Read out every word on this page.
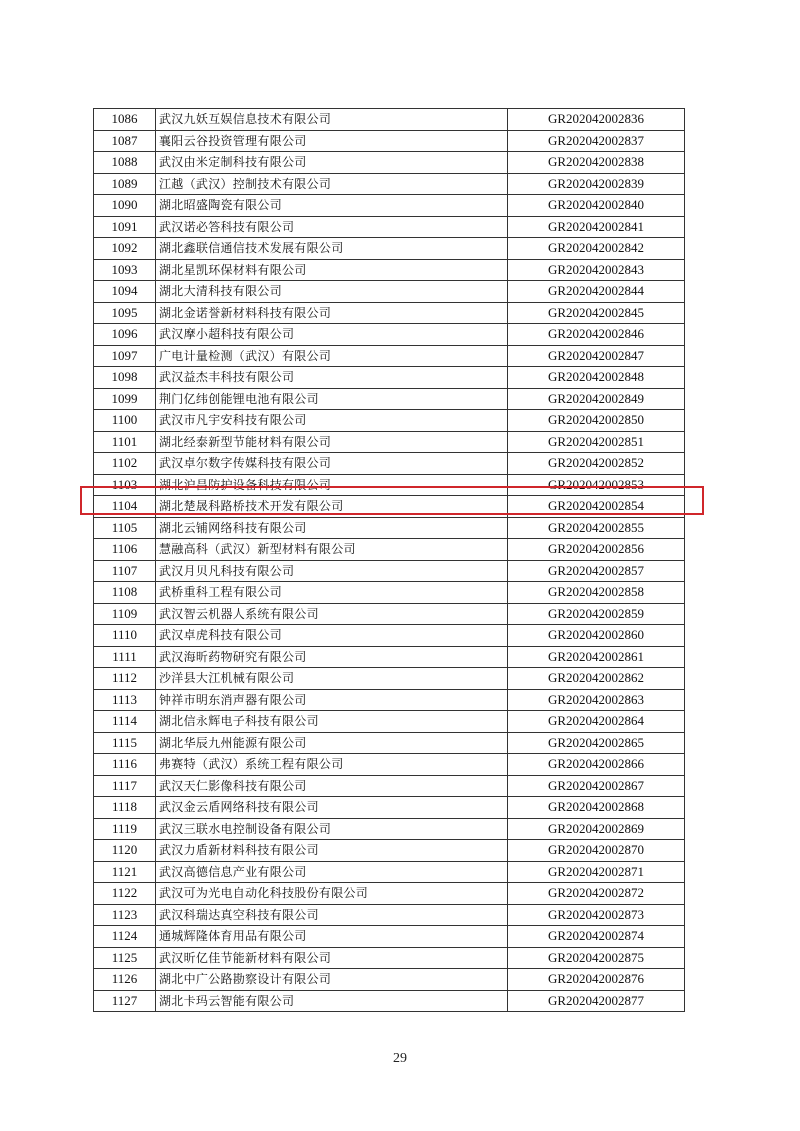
1086	武汉九妖互娱信息技术有限公司	GR202042002836
1087	襄阳云谷投资管理有限公司	GR202042002837
1088	武汉由米定制科技有限公司	GR202042002838
1089	江越（武汉）控制技术有限公司	GR202042002839
1090	湖北昭盛陶瓷有限公司	GR202042002840
1091	武汉诺必答科技有限公司	GR202042002841
1092	湖北鑫联信通信技术发展有限公司	GR202042002842
1093	湖北星凯环保材料有限公司	GR202042002843
1094	湖北大清科技有限公司	GR202042002844
1095	湖北金诺誉新材料科技有限公司	GR202042002845
1096	武汉摩小超科技有限公司	GR202042002846
1097	广电计量检测（武汉）有限公司	GR202042002847
1098	武汉益杰丰科技有限公司	GR202042002848
1099	荆门亿纬创能锂电池有限公司	GR202042002849
1100	武汉市凡宇安科技有限公司	GR202042002850
1101	湖北经泰新型节能材料有限公司	GR202042002851
1102	武汉卓尔数字传媒科技有限公司	GR202042002852
1103	湖北沪昌防护设备科技有限公司	GR202042002853
1104	湖北楚晟科路桥技术开发有限公司	GR202042002854
1105	湖北云铺网络科技有限公司	GR202042002855
1106	慧融高科（武汉）新型材料有限公司	GR202042002856
1107	武汉月贝凡科技有限公司	GR202042002857
1108	武桥重科工程有限公司	GR202042002858
1109	武汉智云机器人系统有限公司	GR202042002859
1110	武汉卓虎科技有限公司	GR202042002860
1111	武汉海昕药物研究有限公司	GR202042002861
1112	沙洋县大江机械有限公司	GR202042002862
1113	钟祥市明东消声器有限公司	GR202042002863
1114	湖北信永辉电子科技有限公司	GR202042002864
1115	湖北华辰九州能源有限公司	GR202042002865
1116	弗赛特（武汉）系统工程有限公司	GR202042002866
1117	武汉天仁影像科技有限公司	GR202042002867
1118	武汉金云盾网络科技有限公司	GR202042002868
1119	武汉三联水电控制设备有限公司	GR202042002869
1120	武汉力盾新材料科技有限公司	GR202042002870
1121	武汉高德信息产业有限公司	GR202042002871
1122	武汉可为光电自动化科技股份有限公司	GR202042002872
1123	武汉科瑞达真空科技有限公司	GR202042002873
1124	通城辉隆体育用品有限公司	GR202042002874
1125	武汉昕亿佳节能新材料有限公司	GR202042002875
1126	湖北中广公路勘察设计有限公司	GR202042002876
1127	湖北卡玛云智能有限公司	GR202042002877
29
